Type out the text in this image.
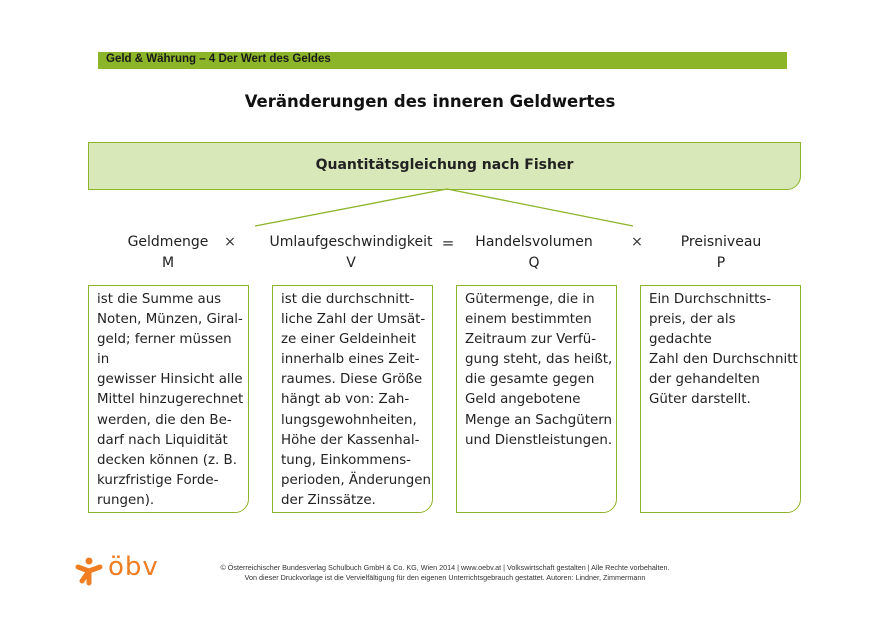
Geld & Währung – 4 Der Wert des Geldes
Veränderungen des inneren Geldwertes
Quantitätsgleichung nach Fisher
Geldmenge
M
×	Umlaufgeschwindigkeit
V
=	Handelsvolumen
Q
×	Preisniveau
P

ist die Summe aus
Noten, Münzen, Giral-
geld; ferner müssen in
gewisser Hinsicht alle
Mittel hinzugerechnet
werden, die den Be-
darf nach Liquidität
decken können (z. B.
kurzfristige Forde-
rungen).

ist die durchschnitt-
liche Zahl der Umsät-
ze einer Geldeinheit
innerhalb eines Zeit-
raumes. Diese Größe
hängt ab von: Zah-
lungsgewohnheiten,
Höhe der Kassenhal-
tung, Einkommens-
perioden, Änderungen
der Zinssätze.

Gütermenge, die in
einem bestimmten
Zeitraum zur Verfü-
gung steht, das heißt,
die gesamte gegen
Geld angebotene
Menge an Sachgütern
und Dienstleistungen.

Ein Durchschnitts-
preis, der als gedachte
Zahl den Durchschnitt
der gehandelten
Güter darstellt.

öbv	© Österreichischer Bundesverlag Schulbuch GmbH & Co. KG, Wien 2014 | www.oebv.at | Volkswirtschaft gestalten | Alle Rechte vorbehalten.
Von dieser Druckvorlage ist die Vervielfältigung für den eigenen Unterrichtsgebrauch gestattet. Autoren: Lindner, Zimmermann
